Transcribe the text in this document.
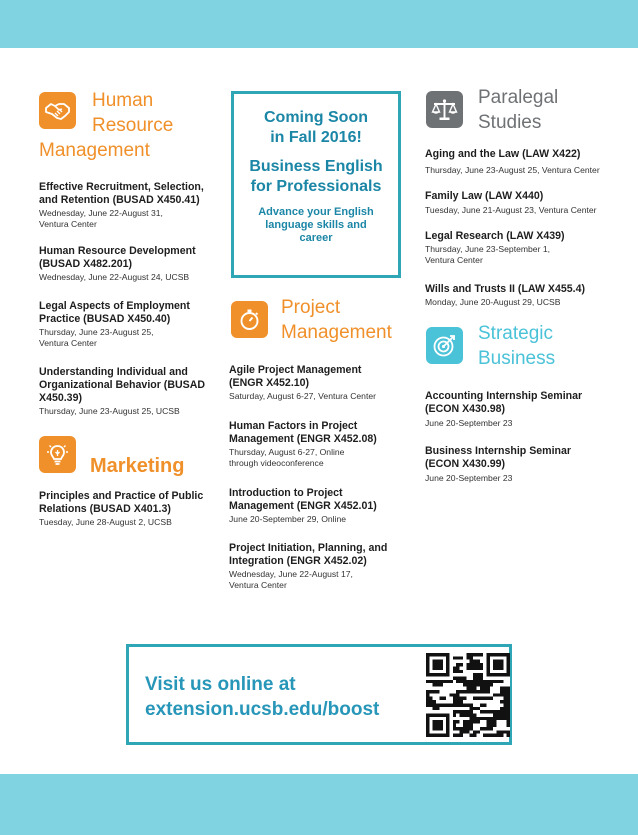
Human
Resource
Management
Effective Recruitment, Selection, and Retention (BUSAD X450.41)
Wednesday, June 22-August 31, Ventura Center
Human Resource Development (BUSAD X482.201)
Wednesday, June 22-August 24, UCSB
Legal Aspects of Employment Practice (BUSAD X450.40)
Thursday, June 23-August 25, Ventura Center
Understanding Individual and Organizational Behavior (BUSAD X450.39)
Thursday, June 23-August 25, UCSB
Marketing
Principles and Practice of Public Relations (BUSAD X401.3)
Tuesday, June 28-August 2, UCSB
Coming Soon in Fall 2016!
Business English for Professionals
Advance your English language skills and career
Project
Management
Agile Project Management (ENGR X452.10)
Saturday, August 6-27, Ventura Center
Human Factors in Project Management (ENGR X452.08)
Thursday, August 6-27, Online through videoconference
Introduction to Project Management (ENGR X452.01)
June 20-September 29, Online
Project Initiation, Planning, and Integration (ENGR X452.02)
Wednesday, June 22-August 17, Ventura Center
Paralegal
Studies
Aging and the Law (LAW X422)
Thursday, June 23-August 25, Ventura Center
Family Law (LAW X440)
Tuesday, June 21-August 23, Ventura Center
Legal Research (LAW X439)
Thursday, June 23-September 1, Ventura Center
Wills and Trusts II (LAW X455.4)
Monday, June 20-August 29, UCSB
Strategic
Business
Accounting Internship Seminar (ECON X430.98)
June 20-September 23
Business Internship Seminar (ECON X430.99)
June 20-September 23
Visit us online at
extension.ucsb.edu/boost
